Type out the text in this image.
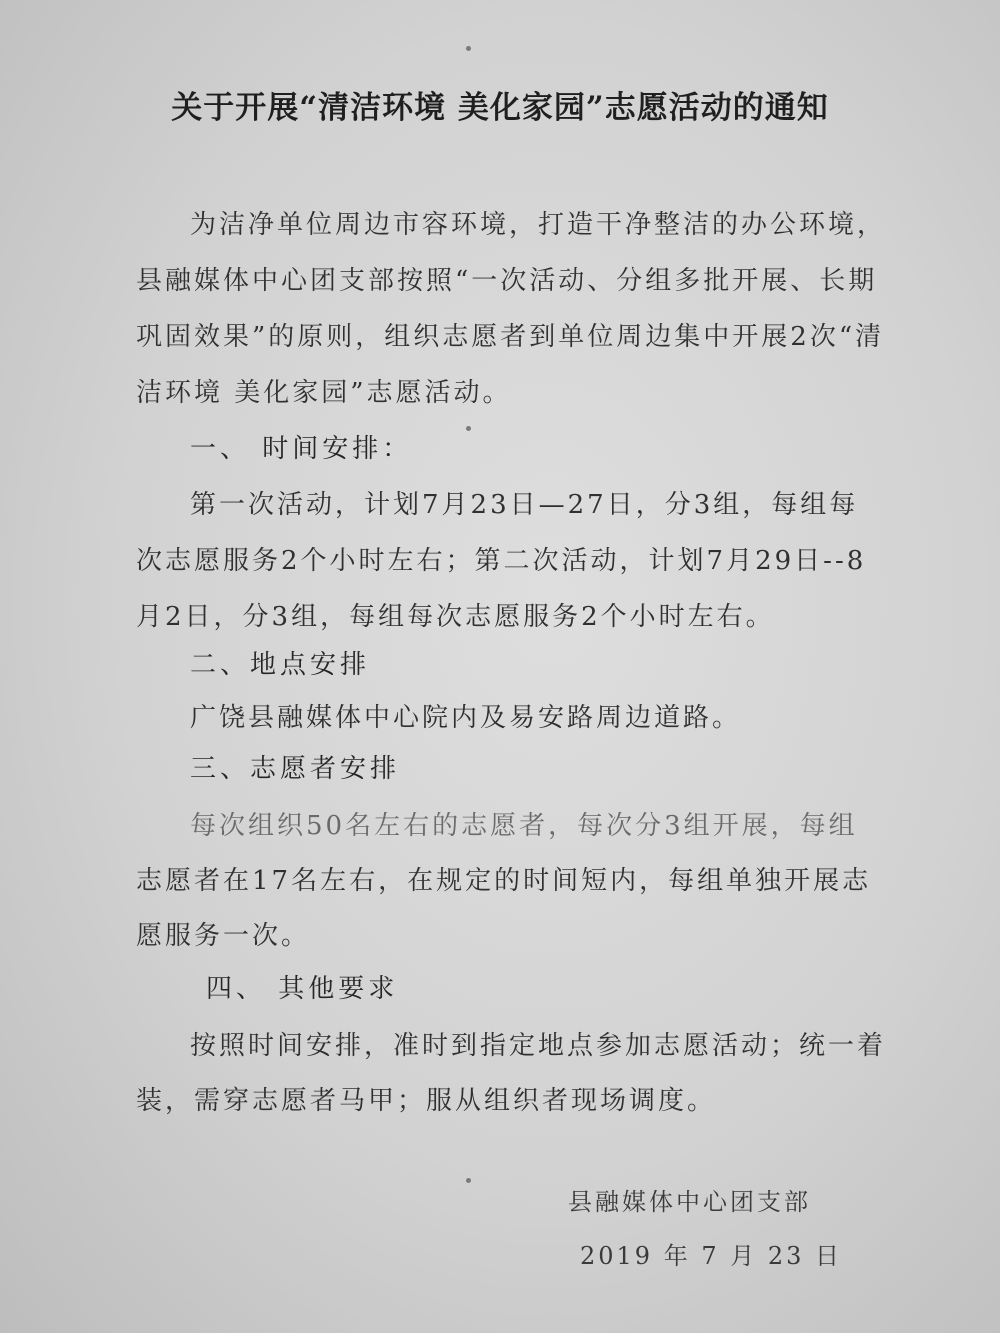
关于开展“清洁环境 美化家园”志愿活动的通知
为洁净单位周边市容环境，打造干净整洁的办公环境，
县融媒体中心团支部按照“一次活动、分组多批开展、长期
巩固效果”的原则，组织志愿者到单位周边集中开展2次“清
洁环境 美化家园”志愿活动。
一、 时间安排：
第一次活动，计划7月23日—27日，分3组，每组每
次志愿服务2个小时左右；第二次活动，计划7月29日--8
月2日，分3组，每组每次志愿服务2个小时左右。
二、地点安排
广饶县融媒体中心院内及易安路周边道路。
三、志愿者安排
每次组织50名左右的志愿者，每次分3组开展，每组
志愿者在17名左右，在规定的时间短内，每组单独开展志
愿服务一次。
四、 其他要求
按照时间安排，准时到指定地点参加志愿活动；统一着
装，需穿志愿者马甲；服从组织者现场调度。
县融媒体中心团支部
2019 年 7 月 23 日
